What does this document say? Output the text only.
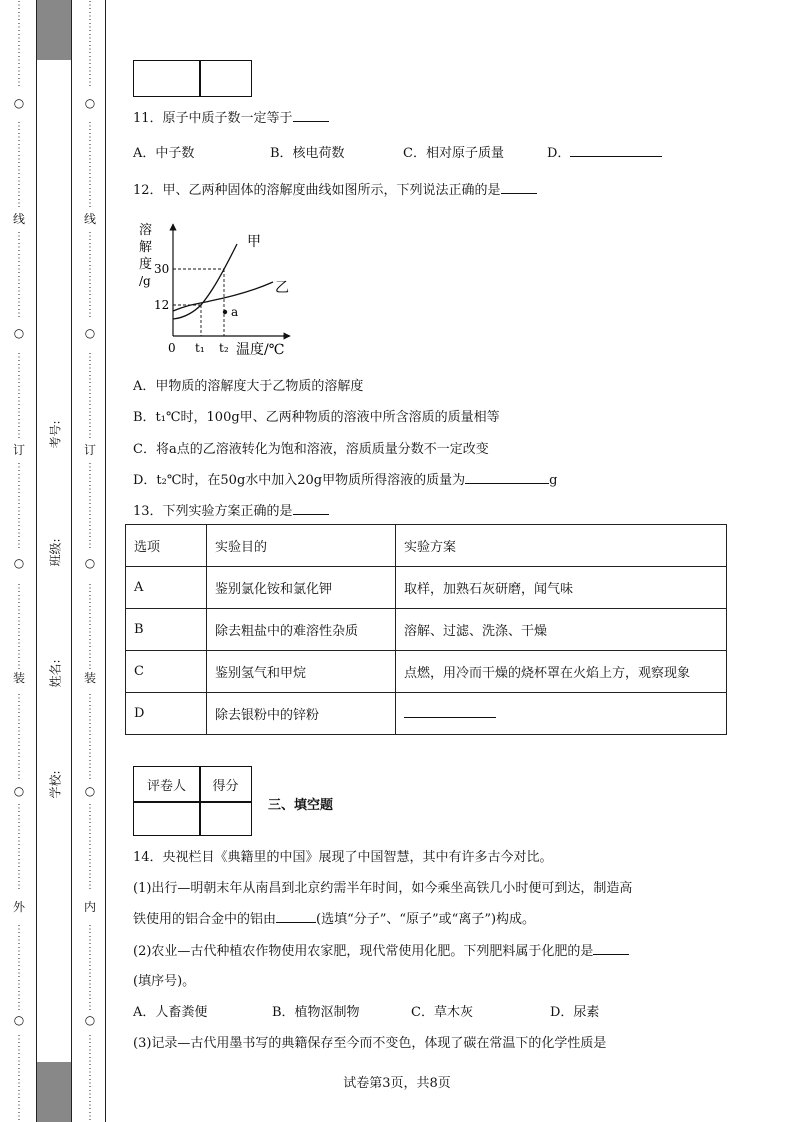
⋮
⋮
⋮
⋮
⋮
⋮
⋮
⋮

⋮
⋮
⋮
⋮
⋮
⋮
⋮
⋮

⋮
⋮
⋮
⋮
⋮
⋮
⋮
⋮

⋮
⋮
⋮
⋮
⋮
⋮
⋮
⋮

⋮
⋮
⋮
⋮
⋮
⋮
⋮
⋮

⋮
⋮
⋮
⋮
⋮
⋮
⋮
⋮

⋮
⋮
⋮
⋮
⋮
⋮
⋮
⋮

⋮
⋮
⋮
⋮
⋮
⋮
⋮
⋮

⋮
⋮
⋮
⋮
⋮
⋮
⋮
⋮

⋮
⋮
⋮
⋮
⋮
⋮
⋮
⋮
⋮
⋮
⋮
⋮
⋮
⋮
⋮
⋮

⋮
⋮
⋮
⋮
⋮
⋮
⋮
⋮

⋮
⋮
⋮
⋮
⋮
⋮
⋮
⋮

⋮
⋮
⋮
⋮
⋮
⋮
⋮
⋮

⋮
⋮
⋮
⋮
⋮
⋮
⋮
⋮

⋮
⋮
⋮
⋮
⋮
⋮
⋮
⋮

⋮
⋮
⋮
⋮
⋮
⋮
⋮
⋮

⋮
⋮
⋮
⋮
⋮
⋮
⋮
⋮

⋮
⋮
⋮
⋮
⋮
⋮
⋮
⋮

⋮
⋮
⋮
⋮
⋮
⋮
⋮
⋮
○
线
○
订
○
装
○
外
○
○
线
○
订
○
装
○
内
○
考号:
班级:
姓名:
学校:
11．原子中质子数一定等于
A．中子数	B．核电荷数	C．相对原子质量	D．
12．甲、乙两种固体的溶解度曲线如图所示，下列说法正确的是
溶
解
度
/g
30
12
0 t₁ t₂ 温度/℃
甲
乙
a
A．甲物质的溶解度大于乙物质的溶解度
B．t₁℃时，100g甲、乙两种物质的溶液中所含溶质的质量相等
C．将a点的乙溶液转化为饱和溶液，溶质质量分数不一定改变
D．t₂℃时，在50g水中加入20g甲物质所得溶液的质量为	g
13．下列实验方案正确的是
选项	实验目的	实验方案
A	鉴别氯化铵和氯化钾	取样，加熟石灰研磨，闻气味
B	除去粗盐中的难溶性杂质	溶解、过滤、洗涤、干燥
C	鉴别氢气和甲烷	点燃，用冷而干燥的烧杯罩在火焰上方，观察现象
D	除去银粉中的锌粉	
评卷人	得分
三、填空题
14．央视栏目《典籍里的中国》展现了中国智慧，其中有许多古今对比。
(1)出行—明朝末年从南昌到北京约需半年时间，如今乘坐高铁几小时便可到达，制造高
铁使用的铝合金中的铝由	(选填“分子”、“原子”或“离子”)构成。
(2)农业—古代种植农作物使用农家肥，现代常使用化肥。下列肥料属于化肥的是
(填序号)。
A．人畜粪便	B．植物沤制物	C．草木灰	D．尿素
(3)记录—古代用墨书写的典籍保存至今而不变色，体现了碳在常温下的化学性质是
试卷第3页，共8页
